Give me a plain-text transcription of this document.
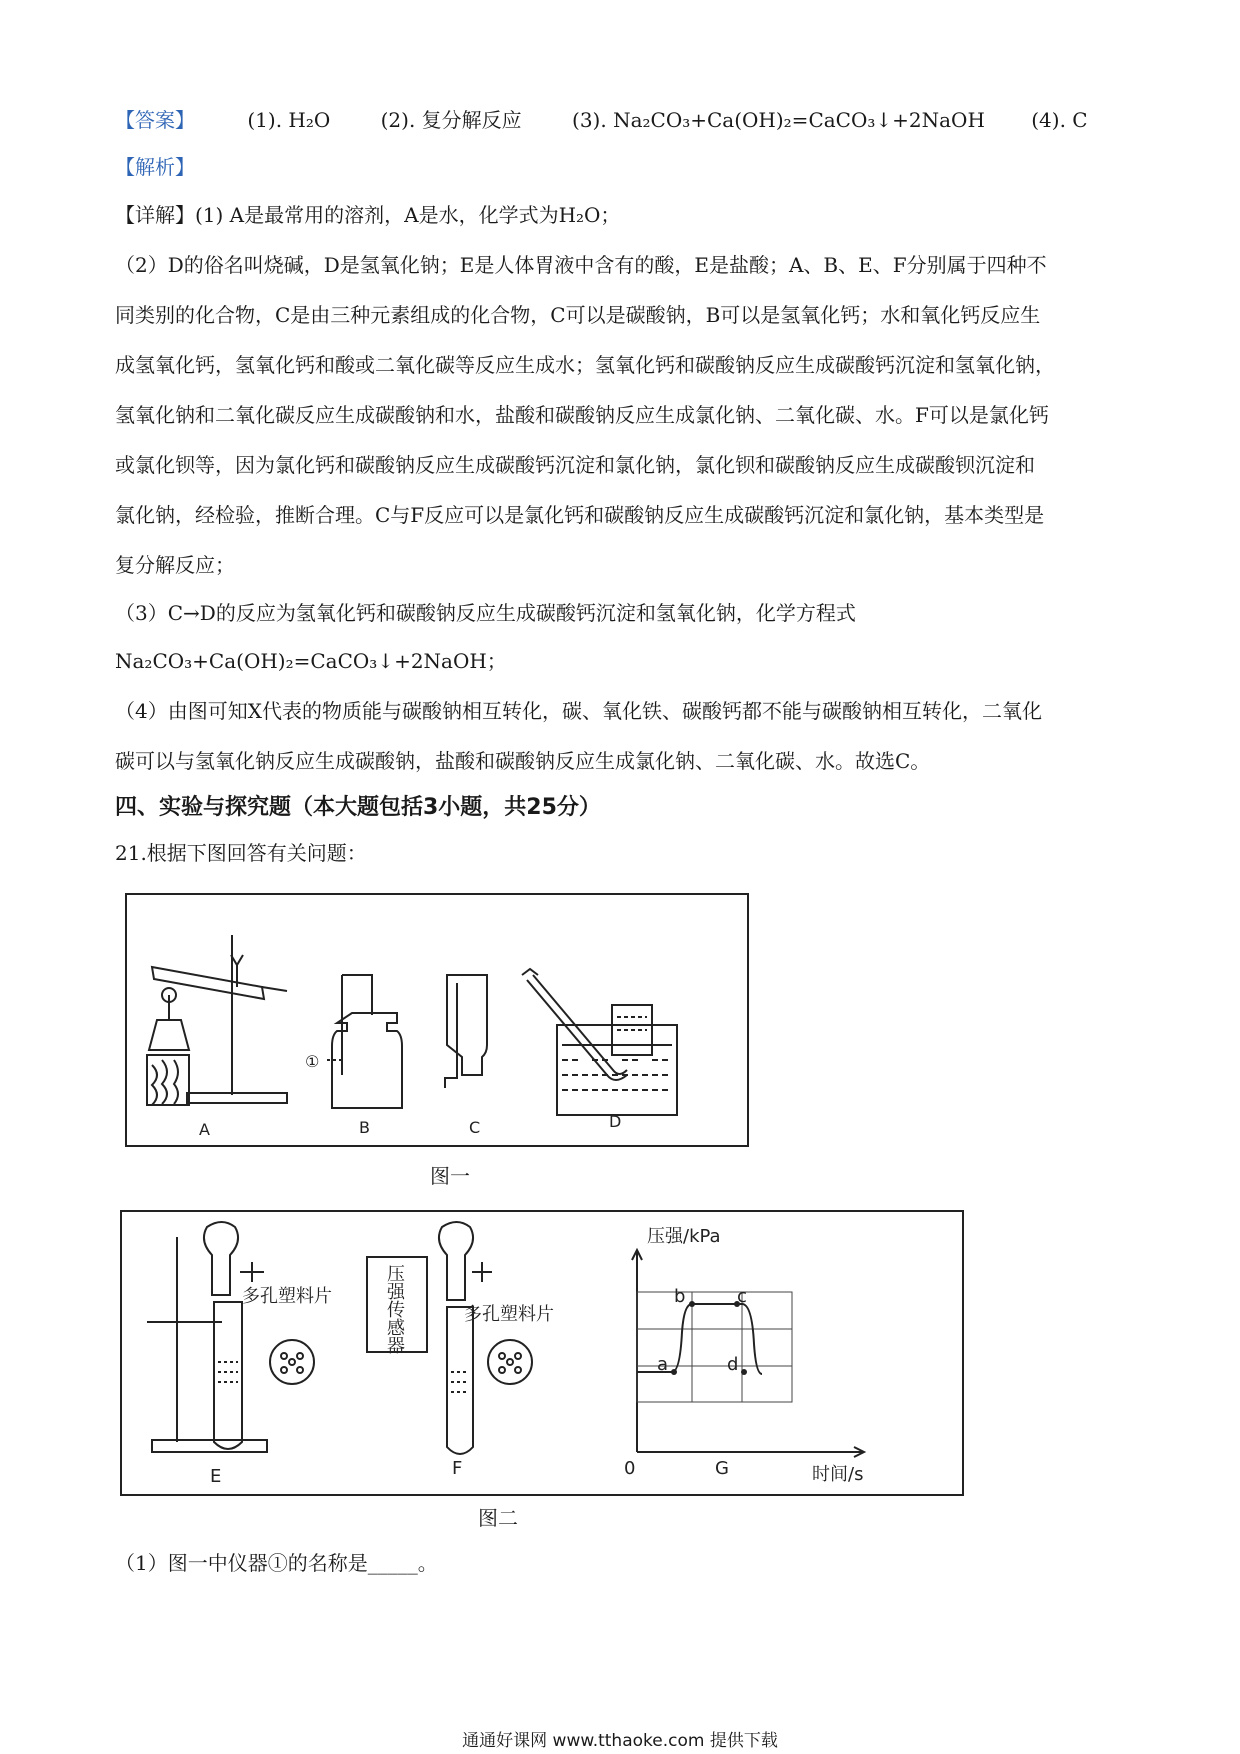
【答案】	(1). H₂O	(2). 复分解反应	(3). Na₂CO₃+Ca(OH)₂=CaCO₃↓+2NaOH (4). C
【解析】
【详解】(1) A是最常用的溶剂，A是水，化学式为H₂O；
（2）D的俗名叫烧碱，D是氢氧化钠；E是人体胃液中含有的酸，E是盐酸；A、B、E、F分别属于四种不
同类别的化合物，C是由三种元素组成的化合物，C可以是碳酸钠，B可以是氢氧化钙；水和氧化钙反应生
成氢氧化钙，氢氧化钙和酸或二氧化碳等反应生成水；氢氧化钙和碳酸钠反应生成碳酸钙沉淀和氢氧化钠，
氢氧化钠和二氧化碳反应生成碳酸钠和水，盐酸和碳酸钠反应生成氯化钠、二氧化碳、水。F可以是氯化钙
或氯化钡等，因为氯化钙和碳酸钠反应生成碳酸钙沉淀和氯化钠，氯化钡和碳酸钠反应生成碳酸钡沉淀和
氯化钠，经检验，推断合理。C与F反应可以是氯化钙和碳酸钠反应生成碳酸钙沉淀和氯化钠，基本类型是
复分解反应；
（3）C→D的反应为氢氧化钙和碳酸钠反应生成碳酸钙沉淀和氢氧化钠，化学方程式
Na₂CO₃+Ca(OH)₂=CaCO₃↓+2NaOH；
（4）由图可知X代表的物质能与碳酸钠相互转化，碳、氧化铁、碳酸钙都不能与碳酸钠相互转化，二氧化
碳可以与氢氧化钠反应生成碳酸钠，盐酸和碳酸钠反应生成氯化钠、二氧化碳、水。故选C。
四、实验与探究题（本大题包括3小题，共25分）
21.根据下图回答有关问题：
A	B	C	D
①
图一
多孔塑料片
多孔塑料片
压
强
传
感
器
压强/kPa
时间/s
0
a
b	c
d
E	F	G
图二
（1）图一中仪器①的名称是_____。
通通好课网 www.tthaoke.com 提供下载
